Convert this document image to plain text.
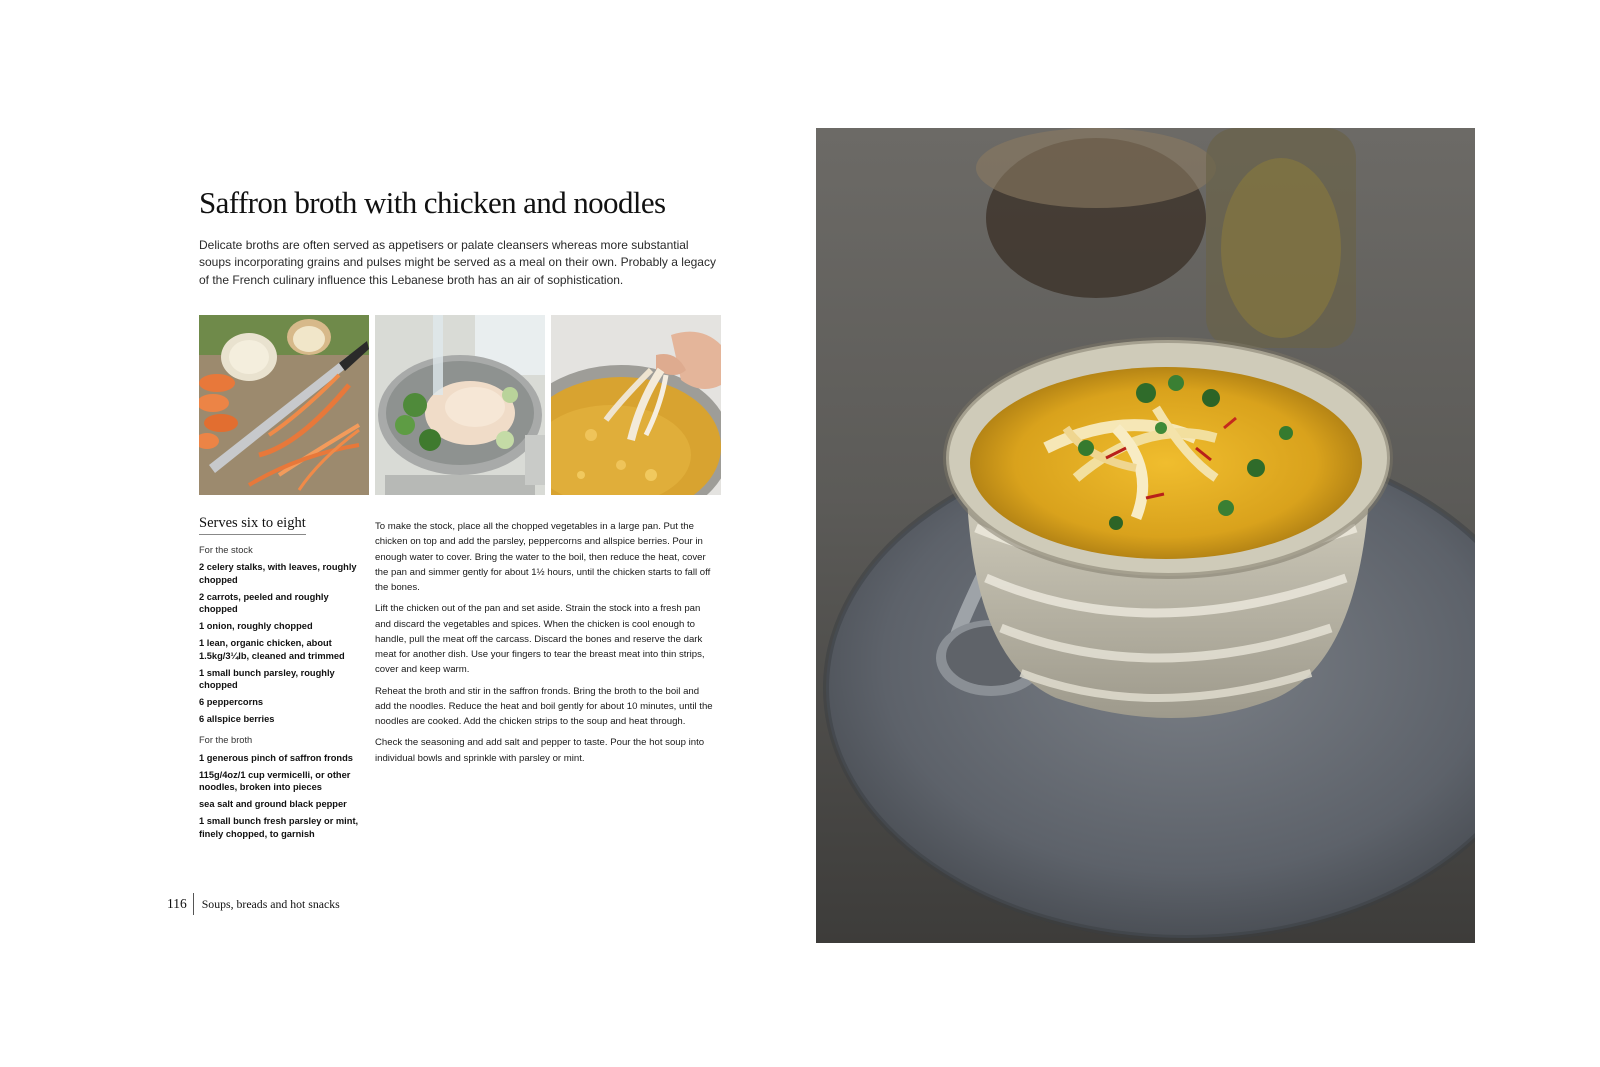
Saffron broth with chicken and noodles

Delicate broths are often served as appetisers or palate cleansers whereas more substantial soups incorporating grains and pulses might be served as a meal on their own. Probably a legacy of the French culinary influence this Lebanese broth has an air of sophistication.

Serves six to eight

For the stock

2 celery stalks, with leaves, roughly chopped
2 carrots, peeled and roughly chopped
1 onion, roughly chopped
1 lean, organic chicken, about 1.5kg/3¼lb, cleaned and trimmed
1 small bunch parsley, roughly chopped
6 peppercorns
6 allspice berries

For the broth

1 generous pinch of saffron fronds
115g/4oz/1 cup vermicelli, or other noodles, broken into pieces
sea salt and ground black pepper
1 small bunch fresh parsley or mint, finely chopped, to garnish

To make the stock, place all the chopped vegetables in a large pan. Put the chicken on top and add the parsley, peppercorns and allspice berries. Pour in enough water to cover. Bring the water to the boil, then reduce the heat, cover the pan and simmer gently for about 1½ hours, until the chicken starts to fall off the bones.

Lift the chicken out of the pan and set aside. Strain the stock into a fresh pan and discard the vegetables and spices. When the chicken is cool enough to handle, pull the meat off the carcass. Discard the bones and reserve the dark meat for another dish. Use your fingers to tear the breast meat into thin strips, cover and keep warm.

Reheat the broth and stir in the saffron fronds. Bring the broth to the boil and add the noodles. Reduce the heat and boil gently for about 10 minutes, until the noodles are cooked. Add the chicken strips to the soup and heat through.

Check the seasoning and add salt and pepper to taste. Pour the hot soup into individual bowls and sprinkle with parsley or mint.

116	Soups, breads and hot snacks
